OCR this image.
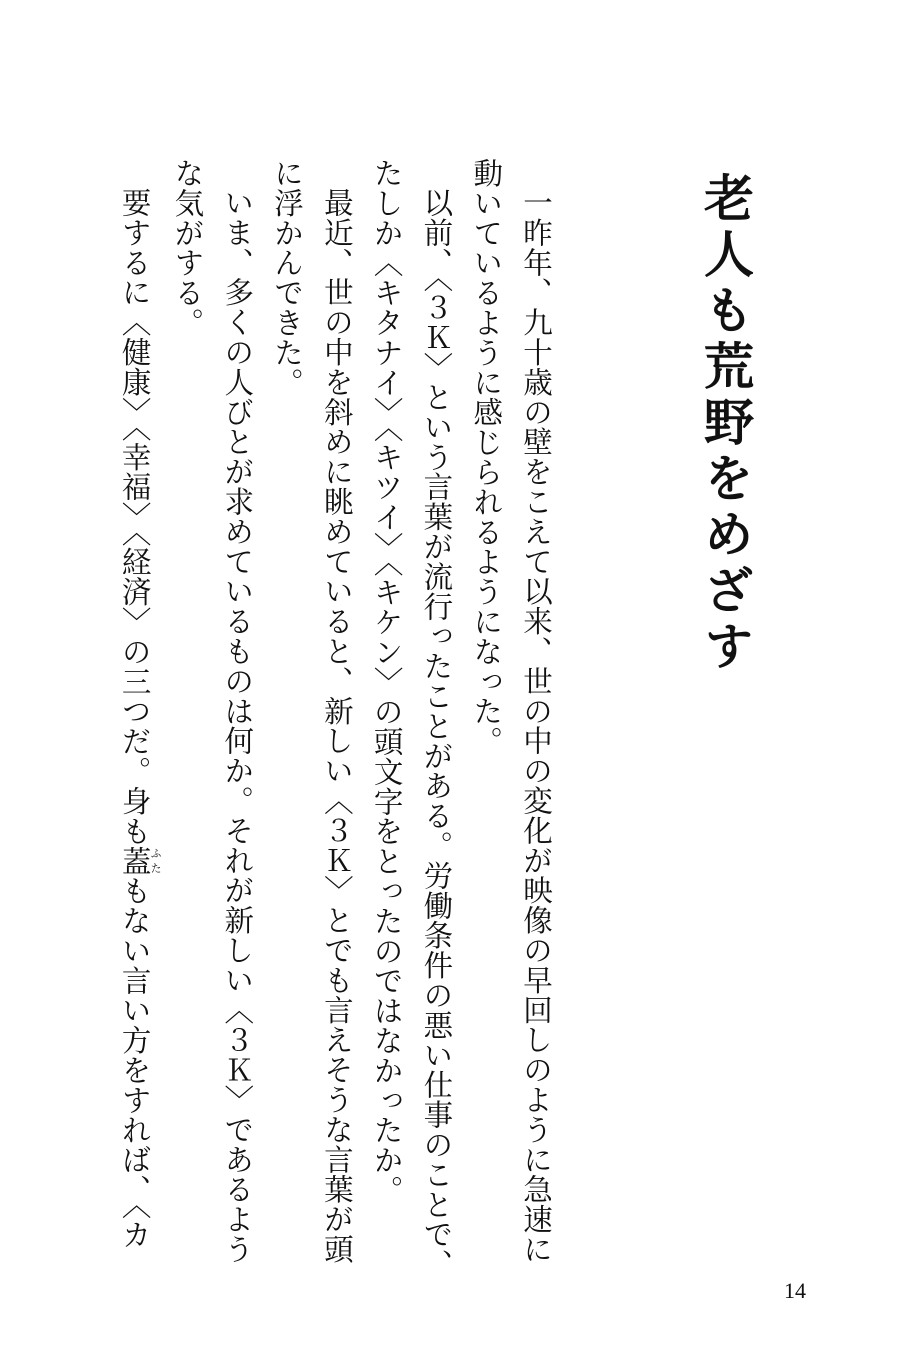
老人も荒野をめざす

一昨年、九十歳の壁をこえて以来、世の中の変化が映像の早回しのように急速に

動いているように感じられるようになった。

以前、〈３Ｋ〉という言葉が流行ったことがある。労働条件の悪い仕事のことで、

たしか〈キタナイ〉〈キツイ〉〈キケン〉の頭文字をとったのではなかったか。

最近、世の中を斜めに眺めていると、新しい〈３Ｋ〉とでも言えそうな言葉が頭

に浮かんできた。

いま、多くの人びとが求めているものは何か。それが新しい〈３Ｋ〉であるよう

な気がする。

要するに〈健康〉〈幸福〉〈経済〉の三つだ。身も蓋ふたもない言い方をすれば、〈カ

14
